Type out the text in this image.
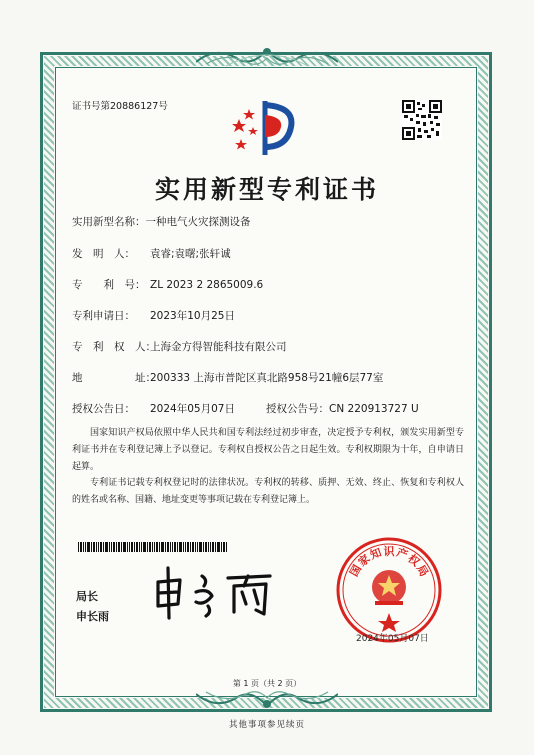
证书号第20886127号
实用新型专利证书
实用新型名称：一种电气火灾探测设备
发　明　人： 袁睿;袁曙;张轩诚
专　　利　号： ZL 2023 2 2865009.6
专利申请日： 2023年10月25日
专　利　权　人：上海金方得智能科技有限公司
地　　　　　址：200333 上海市普陀区真北路958号21幢6层77室
授权公告日： 2024年05月07日	授权公告号：CN 220913727 U
国家知识产权局依照中华人民共和国专利法经过初步审查，决定授予专利权，颁发实用新型专利证书并在专利登记簿上予以登记。专利权自授权公告之日起生效。专利权期限为十年，自申请日起算。
专利证书记载专利权登记时的法律状况。专利权的转移、质押、无效、终止、恢复和专利权人的姓名或名称、国籍、地址变更等事项记载在专利登记簿上。
局长
申长雨
国
家
知 识 产
权
局
2024年05月07日
第 1 页（共 2 页）
其他事项参见续页
